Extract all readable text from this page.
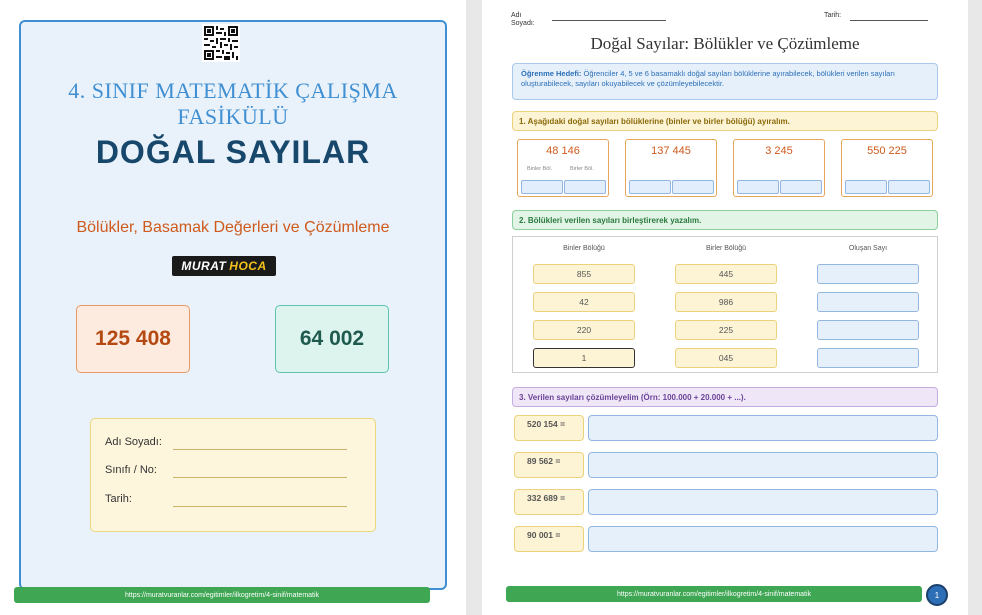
4. SINIF MATEMATİK ÇALIŞMA
FASİKÜLÜ
DOĞAL SAYILAR
Bölükler, Basamak Değerleri ve Çözümleme
MURAT HOCA
125 408	64 002
Adı Soyadı:
Sınıfı / No:
Tarih:
https://muratvuranlar.com/egitimler/ilkogretim/4-sinif/matematik
Adı Soyadı:
Tarih:
Doğal Sayılar: Bölükler ve Çözümleme
Öğrenme Hedefi: Öğrenciler 4, 5 ve 6 basamaklı doğal sayıları bölüklerine ayırabilecek, bölükleri verilen sayıları oluşturabilecek, sayıları okuyabilecek ve çözümleyebilecektir.
1. Aşağıdaki doğal sayıları bölüklerine (binler ve birler bölüğü) ayıralım.
48 146
Binler Böl.	Birler Böl.
137 445	3 245	550 225
2. Bölükleri verilen sayıları birleştirerek yazalım.
Binler Bölüğü	Birler Bölüğü	Oluşan Sayı
855	445
42	986
220	225
1	045
3. Verilen sayıları çözümleyelim (Örn: 100.000 + 20.000 + ...).
520 154 =
89 562 =
332 689 =
90 001 =
https://muratvuranlar.com/egitimler/ilkogretim/4-sinif/matematik	1
